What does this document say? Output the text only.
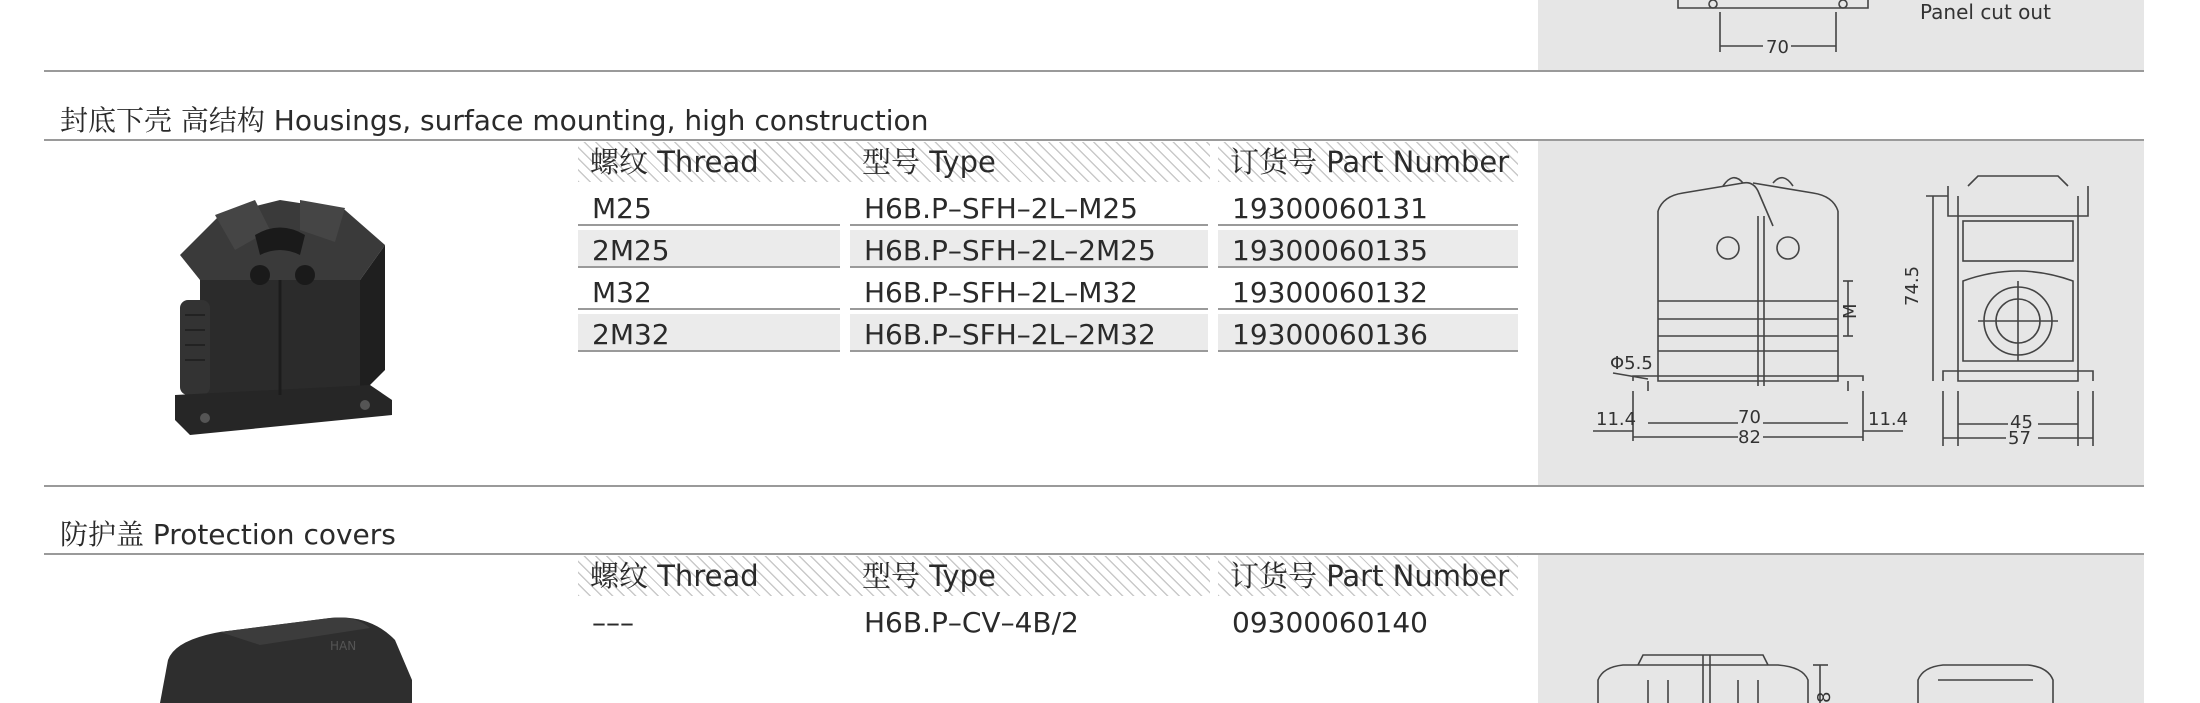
70
Panel cut out
封底下壳 高结构 Housings, surface mounting, high construction
螺纹 Thread	型号 Type	订货号 Part Number
M25	H6B.P–SFH–2L–M25	19300060131
2M25	H6B.P–SFH–2L–2M25	19300060135
M32	H6B.P–SFH–2L–M32	19300060132
2M32	H6B.P–SFH–2L–2M32	19300060136
Φ5.5
M
74.5
11.4	11.4
70
82
45
57
防护盖 Protection covers
HAN
螺纹 Thread	型号 Type	订货号 Part Number
–––	H6B.P–CV–4B/2	09300060140
8
